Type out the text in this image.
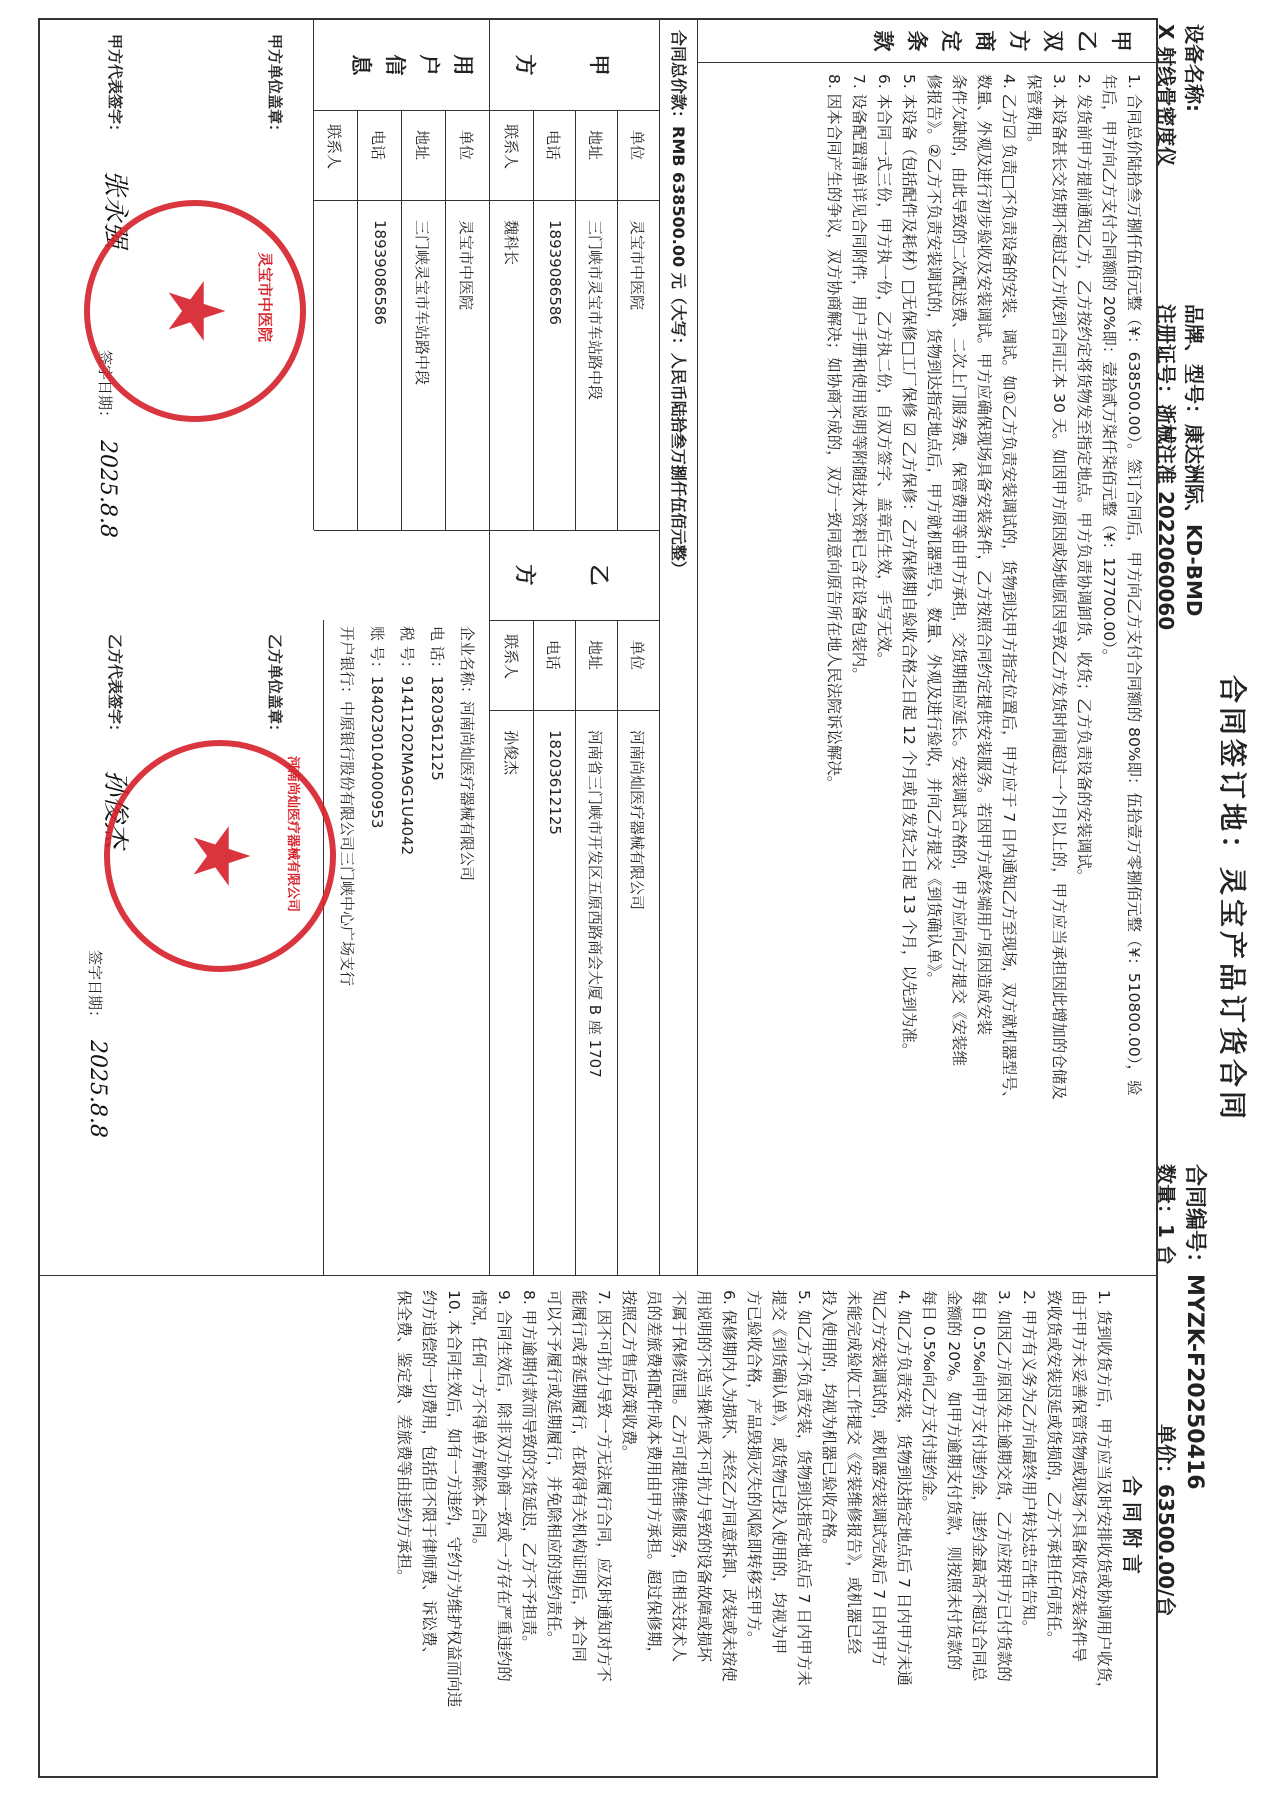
合同签订地：灵宝产品订货合同
设备名称:
品牌、型号：康达洲际、KD-BMD
合同编号：MYZK-F20250416
X 射线骨密度仪
注册证号：浙械注准 2022060060
数量：1 台
单价：63500.00/台
甲
乙
双
方
商
定
条
款
1. 合同总价陆拾叁万捌仟伍佰元整（¥：638500.00）。签订合同后，甲方向乙方支付合同额的 80%即：伍拾壹万零捌佰元整（¥：510800.00），验
年后，甲方向乙方支付合同额的 20%即：壹拾贰万柒仟柒佰元整（¥：127700.00）。
2. 发货前甲方提前通知乙方，乙方按约定将货物发至指定地点。甲方负责协调卸货、收货；乙方负责设备的安装调试。
3. 本设备甚长交货期不超过乙方收到合同正本 30 天。如因甲方原因或场地原因导致乙方发货时间超过一个月以上的，甲方应当承担因此增加的仓储及
保管费用。
4. 乙方☑ 负责□不负责设备的安装、调试。如①乙方负责安装调试的，货物到达甲方指定位置后，甲方应于 7 日内通知乙方至现场，双方就机器型号、
数量、外观及进行初步验收及安装调试。甲方应确保现场具备安装条件，乙方按照合同约定提供安装服务。若因甲方或终端用户原因造成安装
条件欠缺的，由此导致的二次配送费、二次上门服务费、保管费用等由甲方承担，交货期相应延长。安装调试合格的，甲方应向乙方提交《安装维
修报告》。②乙方不负责安装调试的，货物到达指定地点后，甲方就机器型号、数量、外观及进行验收，并向乙方提交《到货确认单》。
5. 本设备（包括配件及耗材）□无保修□工厂保修 ☑ 乙方保修：乙方保修期自验收合格之日起 12 个月或自发货之日起 13 个月，以先到为准。
6. 本合同一式三份，甲方执一份，乙方执二份，自双方签字、盖章后生效，手写无效。
7. 设备配置清单详见合同附件，用户手册和使用说明等附随技术资料已含在设备包装内。
8. 因本合同产生的争议，双方协商解决；如协商不成的，双方一致同意向原告所在地人民法院诉讼解决。
合同总价款：RMB 638500.00 元（大写：人民币陆拾叁万捌仟伍佰元整）
甲
方
单位
灵宝市中医院
地址
三门峡市灵宝市车站路中段
电话
18939086586
联系人
魏科长
乙
方
单位
河南尚灿医疗器械有限公司
地址
河南省三门峡市开发区五原西路商会大厦 B 座 1707
电话
18203612125
联系人
孙俊杰
用
户
信
息
单位
灵宝市中医院
地址
三门峡灵宝市车站路中段
电话
18939086586
联系人
企业名称：河南尚灿医疗器械有限公司
电 话：18203612125
税 号：91411202MA9G1U4042
账 号：1840230104000953
开户银行：中原银行股份有限公司三门峡中心广场支行
甲方单位盖章：
甲方代表签字：
张永强
签字日期：
2025.8.8
★	灵宝市中医院
乙方单位盖章：
乙方代表签字：
孙俊杰
签字日期：
2025.8.8
★	河南尚灿医疗器械有限公司
合同附言
1. 货到收货方后，甲方应当及时安排收货或协调用户收货，
由于甲方未妥善保管货物或现场不具备收货安装条件导
致收货或安装迟延或货损的，乙方不承担任何责任。
2. 甲方有义务为乙方向最终用户转达忠告性告知。
3. 如因乙方原因发生逾期交货，乙方应按甲方已付货款的
每日 0.5‰向甲方支付违约金，违约金最高不超过合同总
金额的 20%。如甲方逾期支付货款，则按照未付货款的
每日 0.5‰向乙方支付违约金。
4. 如乙方负责安装，货物到达指定地点后 7 日内甲方未通
知乙方安装调试的，或机器安装调试完成后 7 日内甲方
未能完成验收工作提交《安装维修报告》，或机器已经
投入使用的，均视为机器已验收合格。
5. 如乙方不负责安装，货物到达指定地点后 7 日内甲方未
提交《到货确认单》，或货物已投入使用的，均视为甲
方已验收合格，产品毁损灭失的风险即转移至甲方。
6. 保修期内人为损坏、未经乙方同意拆卸、改装或未按使
用说明的不适当操作或不可抗力导致的设备故障或损坏
不属于保修范围。乙方可提供维修服务，但相关技术人
员的差旅费和配件成本费用由甲方承担。超过保修期，
按照乙方售后政策收费。
7. 因不可抗力导致一方无法履行合同，应及时通知对方不
能履行或者延期履行，在取得有关机构证明后，本合同
可以不予履行或延期履行，并免除相应的违约责任。
8. 甲方逾期付款而导致的交货延迟，乙方不予担责。
9. 合同生效后，除非双方协商一致或一方存在严重违约的
情况，任何一方不得单方解除本合同。
10. 本合同生效后，如有一方违约，守约方为维护权益而向违
约方追偿的一切费用，包括但不限于律师费、诉讼费、
保全费、鉴定费、差旅费等由违约方承担。
